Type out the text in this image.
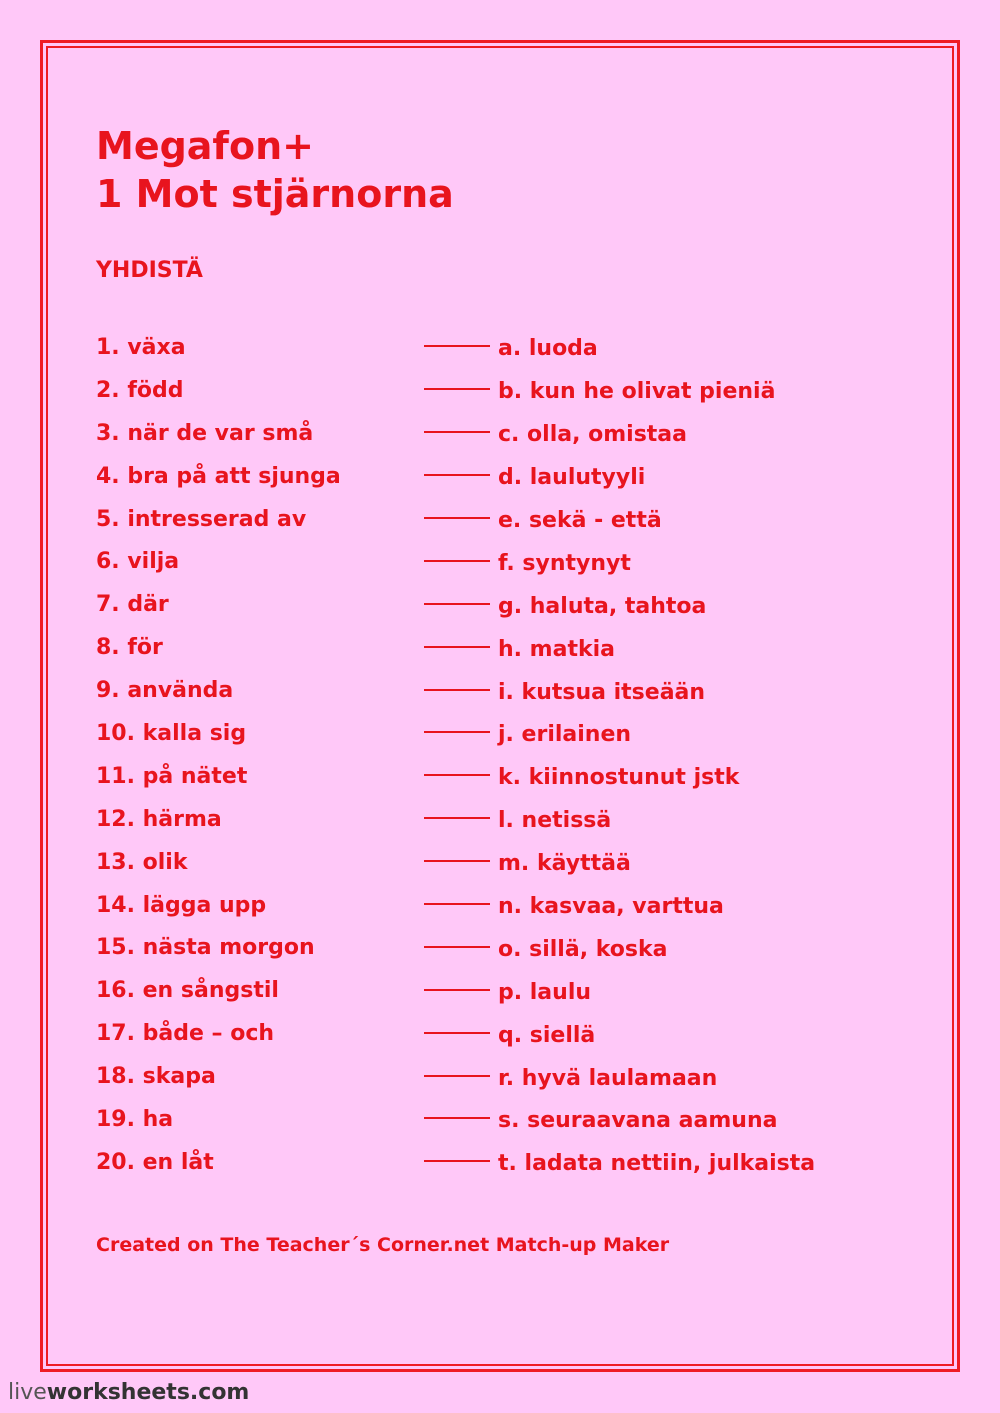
Megafon+
1 Mot stjärnorna
YHDISTÄ
1. växa	a. luoda
2. född	b. kun he olivat pieniä
3. när de var små	c. olla, omistaa
4. bra på att sjunga	d. laulutyyli
5. intresserad av	e. sekä - että
6. vilja	f. syntynyt
7. där	g. haluta, tahtoa
8. för	h. matkia
9. använda	i. kutsua itseään
10. kalla sig	j. erilainen
11. på nätet	k. kiinnostunut jstk
12. härma	l. netissä
13. olik	m. käyttää
14. lägga upp	n. kasvaa, varttua
15. nästa morgon	o. sillä, koska
16. en sångstil	p. laulu
17. både – och	q. siellä
18. skapa	r. hyvä laulamaan
19. ha	s. seuraavana aamuna
20. en låt	t. ladata nettiin, julkaista
Created on The Teacher´s Corner.net Match-up Maker
liveworksheets.com
